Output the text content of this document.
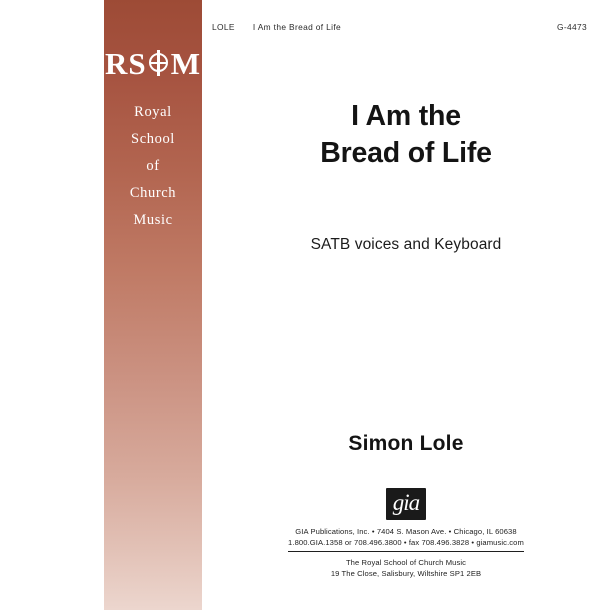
RS M
Royal
School
of
Church
Music
LOLE I Am the Bread of Life	G-4473
I Am the
Bread of Life
SATB voices and Keyboard
Simon Lole
gia
GIA Publications, Inc. • 7404 S. Mason Ave. • Chicago, IL 60638
1.800.GIA.1358 or 708.496.3800 • fax 708.496.3828 • giamusic.com
The Royal School of Church Music
19 The Close, Salisbury, Wiltshire SP1 2EB
